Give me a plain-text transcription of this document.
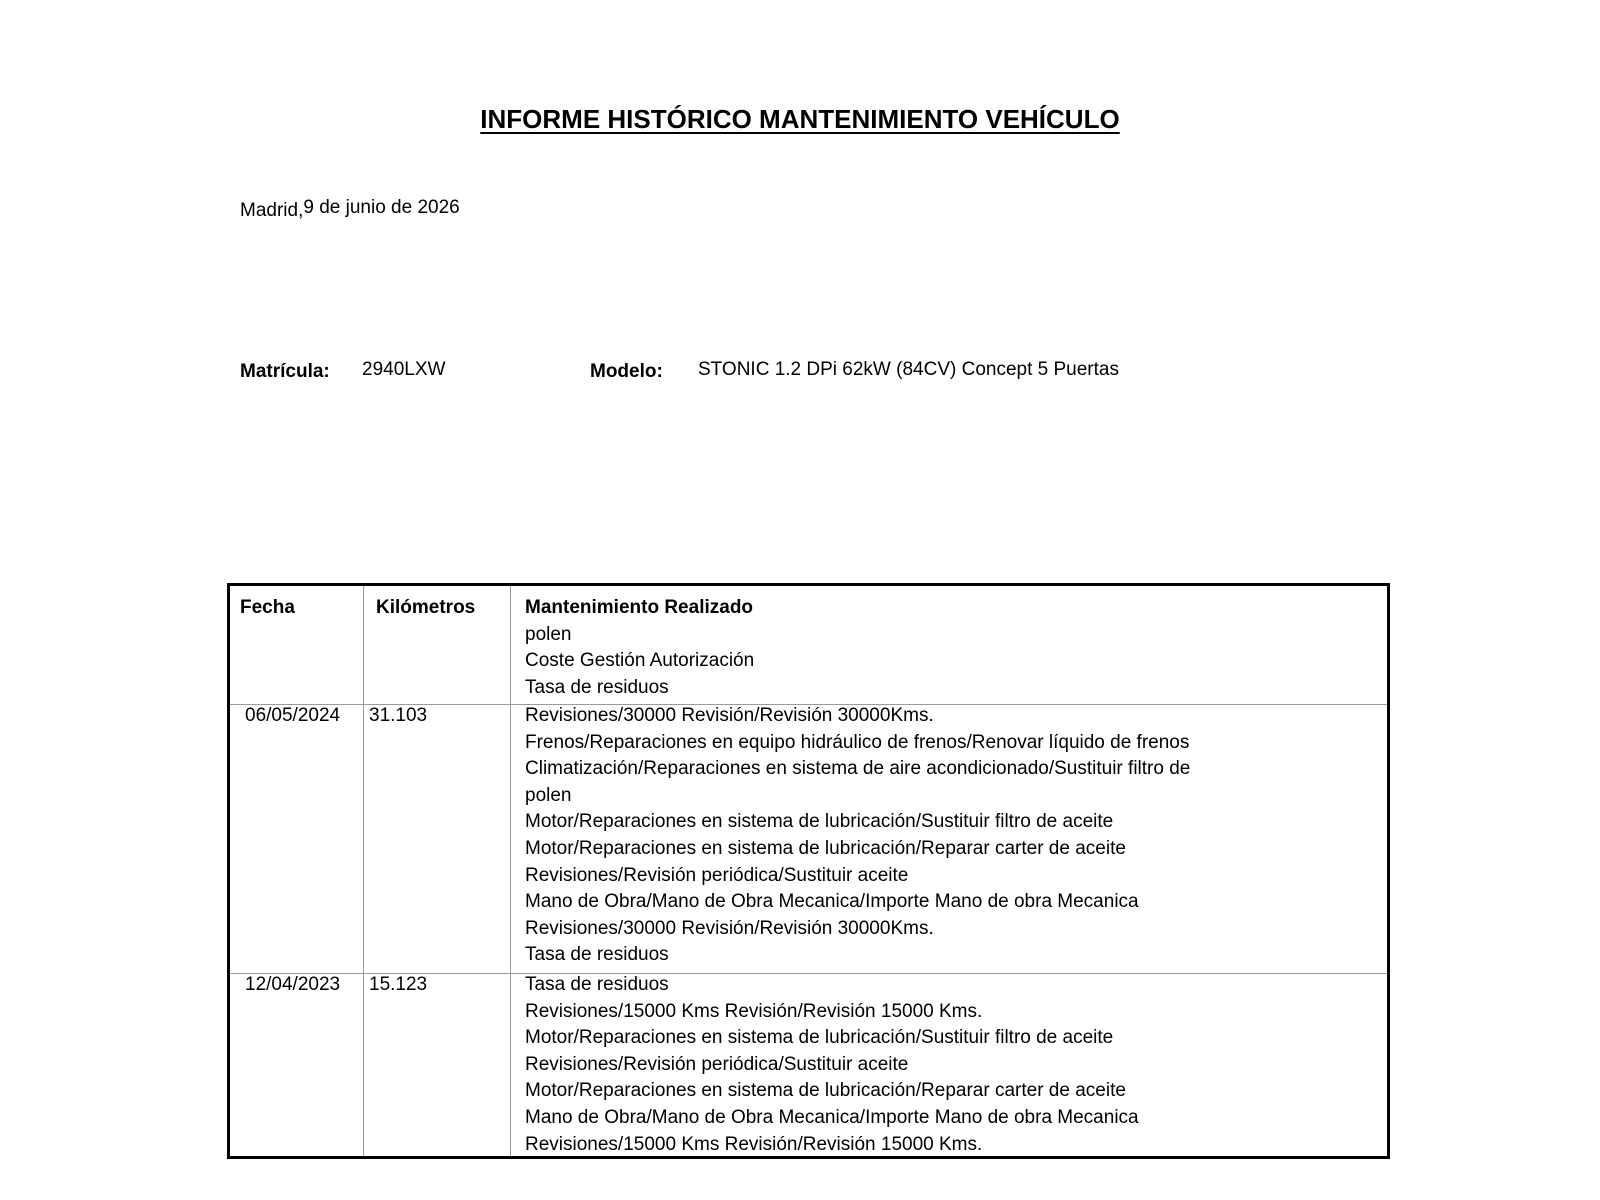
INFORME HISTÓRICO MANTENIMIENTO VEHÍCULO
Madrid,9 de junio de 2026
Matrícula: 2940LXW	Modelo: STONIC 1.2 DPi 62kW (84CV) Concept 5 Puertas
Fecha	Kilómetros	Mantenimiento Realizado
polen
Coste Gestión Autorización
Tasa de residuos
06/05/2024 31.103	Revisiones/30000 Revisión/Revisión 30000Kms.
Frenos/Reparaciones en equipo hidráulico de frenos/Renovar líquido de frenos
Climatización/Reparaciones en sistema de aire acondicionado/Sustituir filtro de
polen
Motor/Reparaciones en sistema de lubricación/Sustituir filtro de aceite
Motor/Reparaciones en sistema de lubricación/Reparar carter de aceite
Revisiones/Revisión periódica/Sustituir aceite
Mano de Obra/Mano de Obra Mecanica/Importe Mano de obra Mecanica
Revisiones/30000 Revisión/Revisión 30000Kms.
Tasa de residuos
12/04/2023 15.123	Tasa de residuos
Revisiones/15000 Kms Revisión/Revisión 15000 Kms.
Motor/Reparaciones en sistema de lubricación/Sustituir filtro de aceite
Revisiones/Revisión periódica/Sustituir aceite
Motor/Reparaciones en sistema de lubricación/Reparar carter de aceite
Mano de Obra/Mano de Obra Mecanica/Importe Mano de obra Mecanica
Revisiones/15000 Kms Revisión/Revisión 15000 Kms.
